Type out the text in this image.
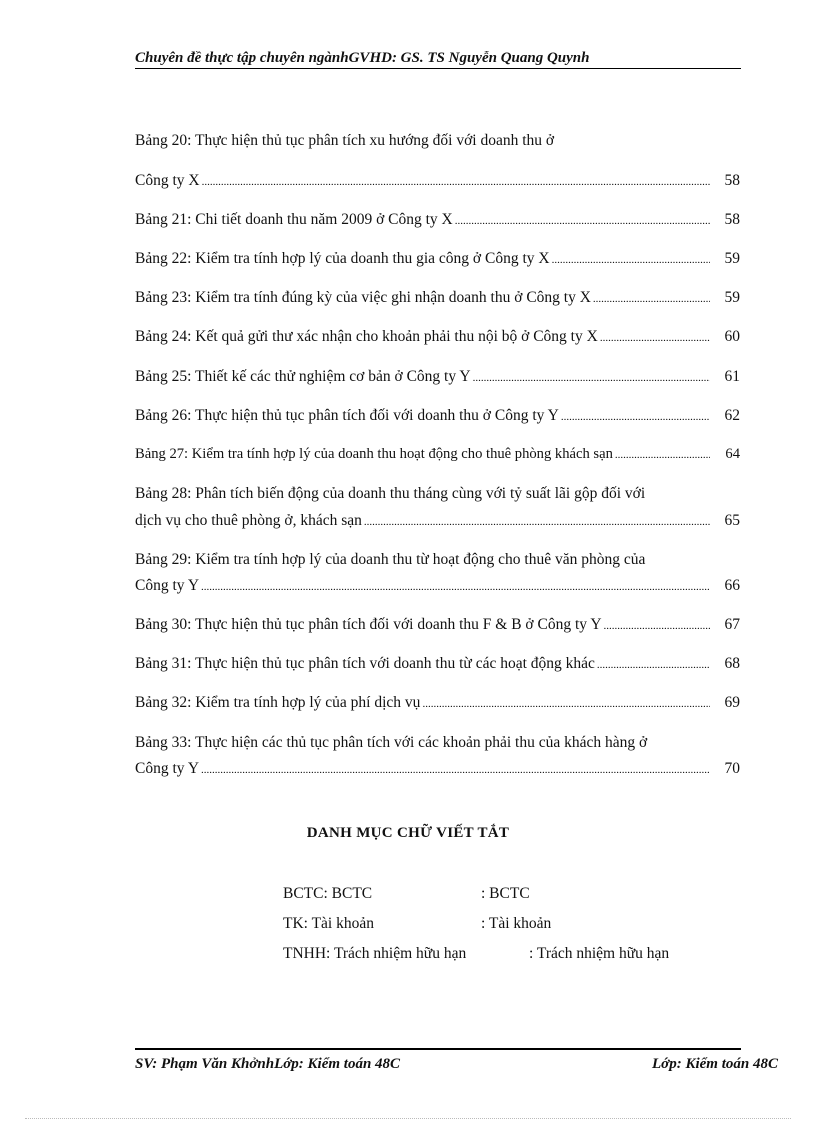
Chuyên đề thực tập chuyên ngànhGVHD: GS. TS Nguyễn Quang Quynh
Bảng 20: Thực hiện thủ tục phân tích xu hướng đối với doanh thu ở
Công ty X .....	58
Bảng 21: Chi tiết doanh thu năm 2009 ở Công ty X .....	58
Bảng 22: Kiểm tra tính hợp lý của doanh thu gia công ở Công ty X .....	59
Bảng 23: Kiểm tra tính đúng kỳ của việc ghi nhận doanh thu ở Công ty X .....	59
Bảng 24: Kết quả gửi thư xác nhận cho khoản phải thu nội bộ ở Công ty X .....	60
Bảng 25: Thiết kế các thử nghiệm cơ bản ở Công ty Y .....	61
Bảng 26: Thực hiện thủ tục phân tích đối với doanh thu ở Công ty Y .....	62
Bảng 27: Kiểm tra tính hợp lý của doanh thu hoạt động cho thuê phòng khách sạn .....	64
Bảng 28: Phân tích biến động của doanh thu tháng cùng với tỷ suất lãi gộp đối với
dịch vụ cho thuê phòng ở, khách sạn .....	65
Bảng 29: Kiểm tra tính hợp lý của doanh thu từ hoạt động cho thuê văn phòng của
Công ty Y .....	66
Bảng 30: Thực hiện thủ tục phân tích đối với doanh thu F & B ở Công ty Y .....	67
Bảng 31: Thực hiện thủ tục phân tích với doanh thu từ các hoạt động khác .....	68
Bảng 32: Kiểm tra tính hợp lý của phí dịch vụ .....	69
Bảng 33: Thực hiện các thủ tục phân tích với các khoản phải thu của khách hàng ở
Công ty Y .....	70
DANH MỤC CHỮ VIẾT TẮT
BCTC: BCTC	: BCTC
TK: Tài khoản	: Tài khoản
TNHH: Trách nhiệm hữu hạn	: Trách nhiệm hữu hạn
SV: Phạm Văn KhởnhLớp: Kiểm toán 48C	Lớp: Kiểm toán 48C
